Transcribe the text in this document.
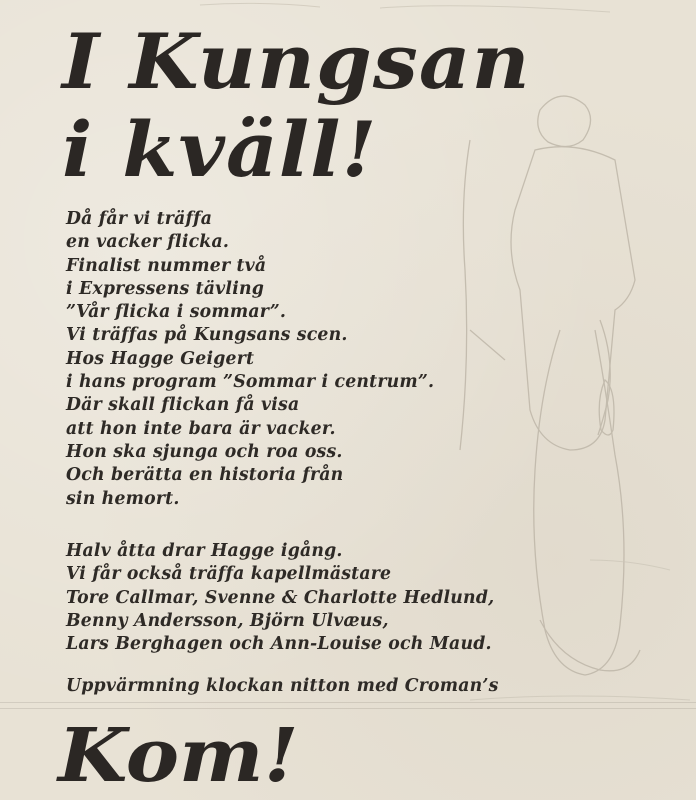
I Kungsan
i kväll!
Då får vi träffa
en vacker flicka.
Finalist nummer två
i Expressens tävling
”Vår flicka i sommar”.
Vi träffas på Kungsans scen.
Hos Hagge Geigert
i hans program ”Sommar i centrum”.
Där skall flickan få visa
att hon inte bara är vacker.
Hon ska sjunga och roa oss.
Och berätta en historia från
sin hemort.
Halv åtta drar Hagge igång.
Vi får också träffa kapellmästare
Tore Callmar, Svenne & Charlotte Hedlund,
Benny Andersson, Björn Ulvæus,
Lars Berghagen och Ann-Louise och Maud.
Uppvärmning klockan nitton med Croman’s
Kom!
